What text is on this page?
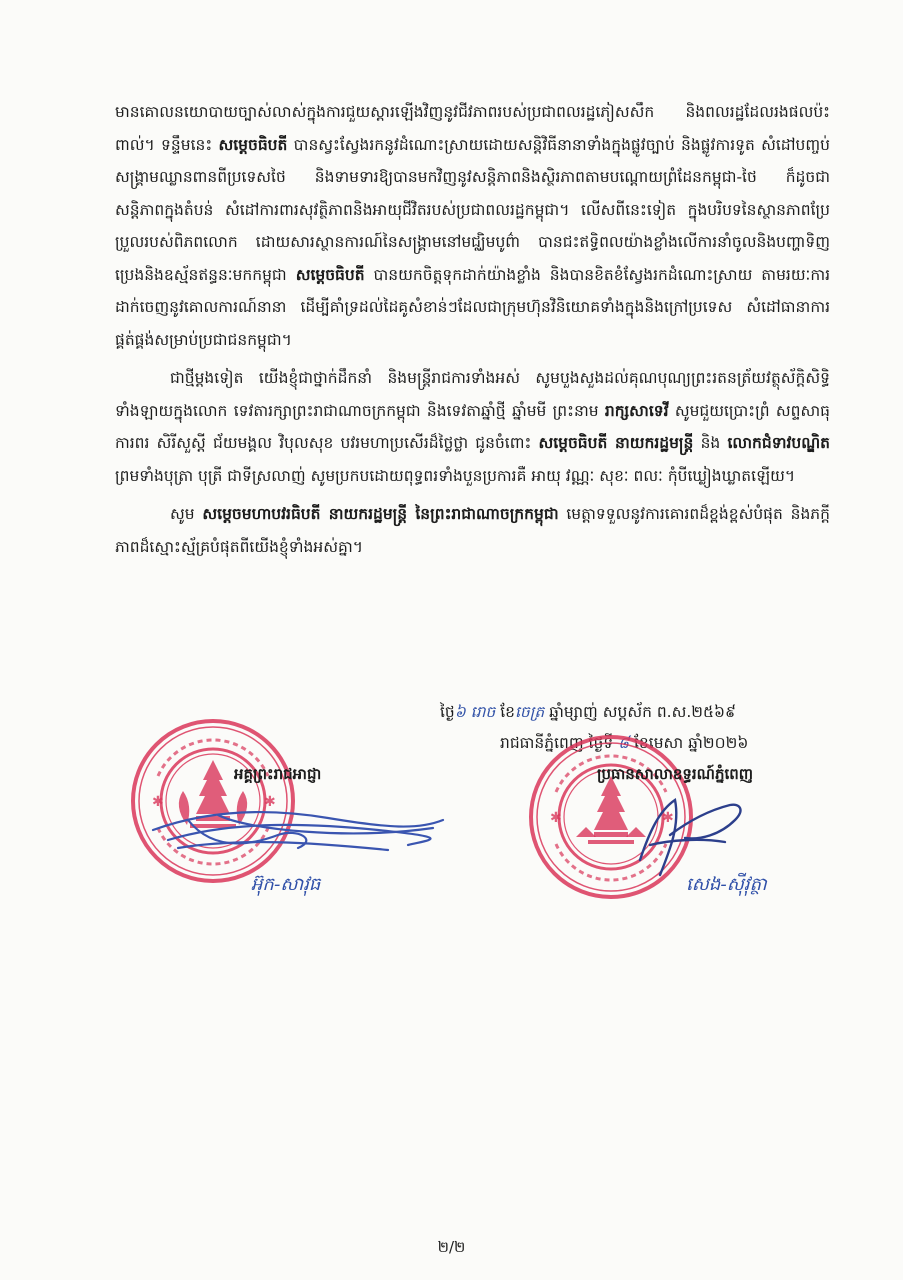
មានគោលនយោបាយច្បាស់លាស់ក្នុងការជួយស្តារឡើងវិញនូវជីវភាពរបស់ប្រជាពលរដ្ឋភៀសសឹក និងពលរដ្ឋដែលរងផលប៉ះពាល់។ ទន្ទឹមនេះ សម្តេចធិបតី បានស្វះស្វែងរកនូវដំណោះស្រាយដោយសន្តិវិធីនានាទាំងក្នុងផ្លូវច្បាប់ និងផ្លូវការទូត សំដៅបញ្ចប់សង្គ្រាមឈ្លានពានពីប្រទេសថៃ និងទាមទារឱ្យបានមកវិញនូវសន្តិភាពនិងស្ថិរភាពតាមបណ្តោយព្រំដែនកម្ពុជា-ថៃ ក៏ដូចជាសន្តិភាពក្នុងតំបន់ សំដៅការពារសុវត្ថិភាពនិងអាយុជីវិតរបស់ប្រជាពលរដ្ឋកម្ពុជា។ លើសពីនេះទៀត ក្នុងបរិបទនៃស្ថានភាពប្រែប្រួលរបស់ពិភពលោក ដោយសារស្ថានការណ៍នៃសង្គ្រាមនៅមជ្ឈិមបូព៌ា បានជះឥទ្ធិពលយ៉ាងខ្លាំងលើការនាំចូលនិងបញ្ហាទិញប្រេងនិងឧស្ម័នឥន្ធនៈមកកម្ពុជា សម្តេចធិបតី បានយកចិត្តទុកដាក់យ៉ាងខ្លាំង និងបានខិតខំស្វែងរកដំណោះស្រាយ តាមរយៈការដាក់ចេញនូវគោលការណ៍នានា ដើម្បីគាំទ្រដល់ដៃគូសំខាន់ៗដែលជាក្រុមហ៊ុនវិនិយោគទាំងក្នុងនិងក្រៅប្រទេស សំដៅធានាការផ្គត់ផ្គង់សម្រាប់ប្រជាជនកម្ពុជា។

ជាថ្មីម្តងទៀត យើងខ្ញុំជាថ្នាក់ដឹកនាំ និងមន្ត្រីរាជការទាំងអស់ សូមបួងសួងដល់គុណបុណ្យព្រះរតនត្រ័យវត្ថុស័ក្តិសិទ្ធិទាំងឡាយក្នុងលោក ទេវតារក្សាព្រះរាជាណាចក្រកម្ពុជា និងទេវតាឆ្នាំថ្មី ឆ្នាំមមី ព្រះនាម រាក្សសាទេវី សូមជួយប្រោះព្រំ សព្ទសាធុការពរ សិរីសួស្តី ជ័យមង្គល វិបុលសុខ បវរមហាប្រសើរដ៏ថ្លៃថ្លា ជូនចំពោះ សម្តេចធិបតី នាយករដ្ឋមន្ត្រី និង លោកជំទាវបណ្ឌិត ព្រមទាំងបុត្រា បុត្រី ជាទីស្រលាញ់ សូមប្រកបដោយពុទ្ធពរទាំងបួនប្រការគឺ អាយុ វណ្ណៈ សុខៈ ពលៈ កុំបីឃ្លៀងឃ្លាតឡើយ។

សូម សម្តេចមហាបវរធិបតី នាយករដ្ឋមន្ត្រី នៃព្រះរាជាណាចក្រកម្ពុជា មេត្តាទទួលនូវការគោរពដ៏ខ្ពង់ខ្ពស់បំផុត និងភក្តីភាពដ៏ស្មោះស្ម័គ្របំផុតពីយើងខ្ញុំទាំងអស់គ្នា។

ថ្ងៃ៦ រោច ខែចេត្រ ឆ្នាំម្សាញ់ សប្តស័ក ព.ស.២៥៦៩
រាជធានីភ្នំពេញ ថ្ងៃទី ៨ ខែមេសា ឆ្នាំ២០២៦
✱	✱
✱	✱
អគ្គព្រះរាជអាជ្ញា	ប្រធានសាលាឧទ្ធរណ៍ភ្នំពេញ
អ៊ុក-សាវុធ	សេង-ស៊ីវុត្ថា
២/២
